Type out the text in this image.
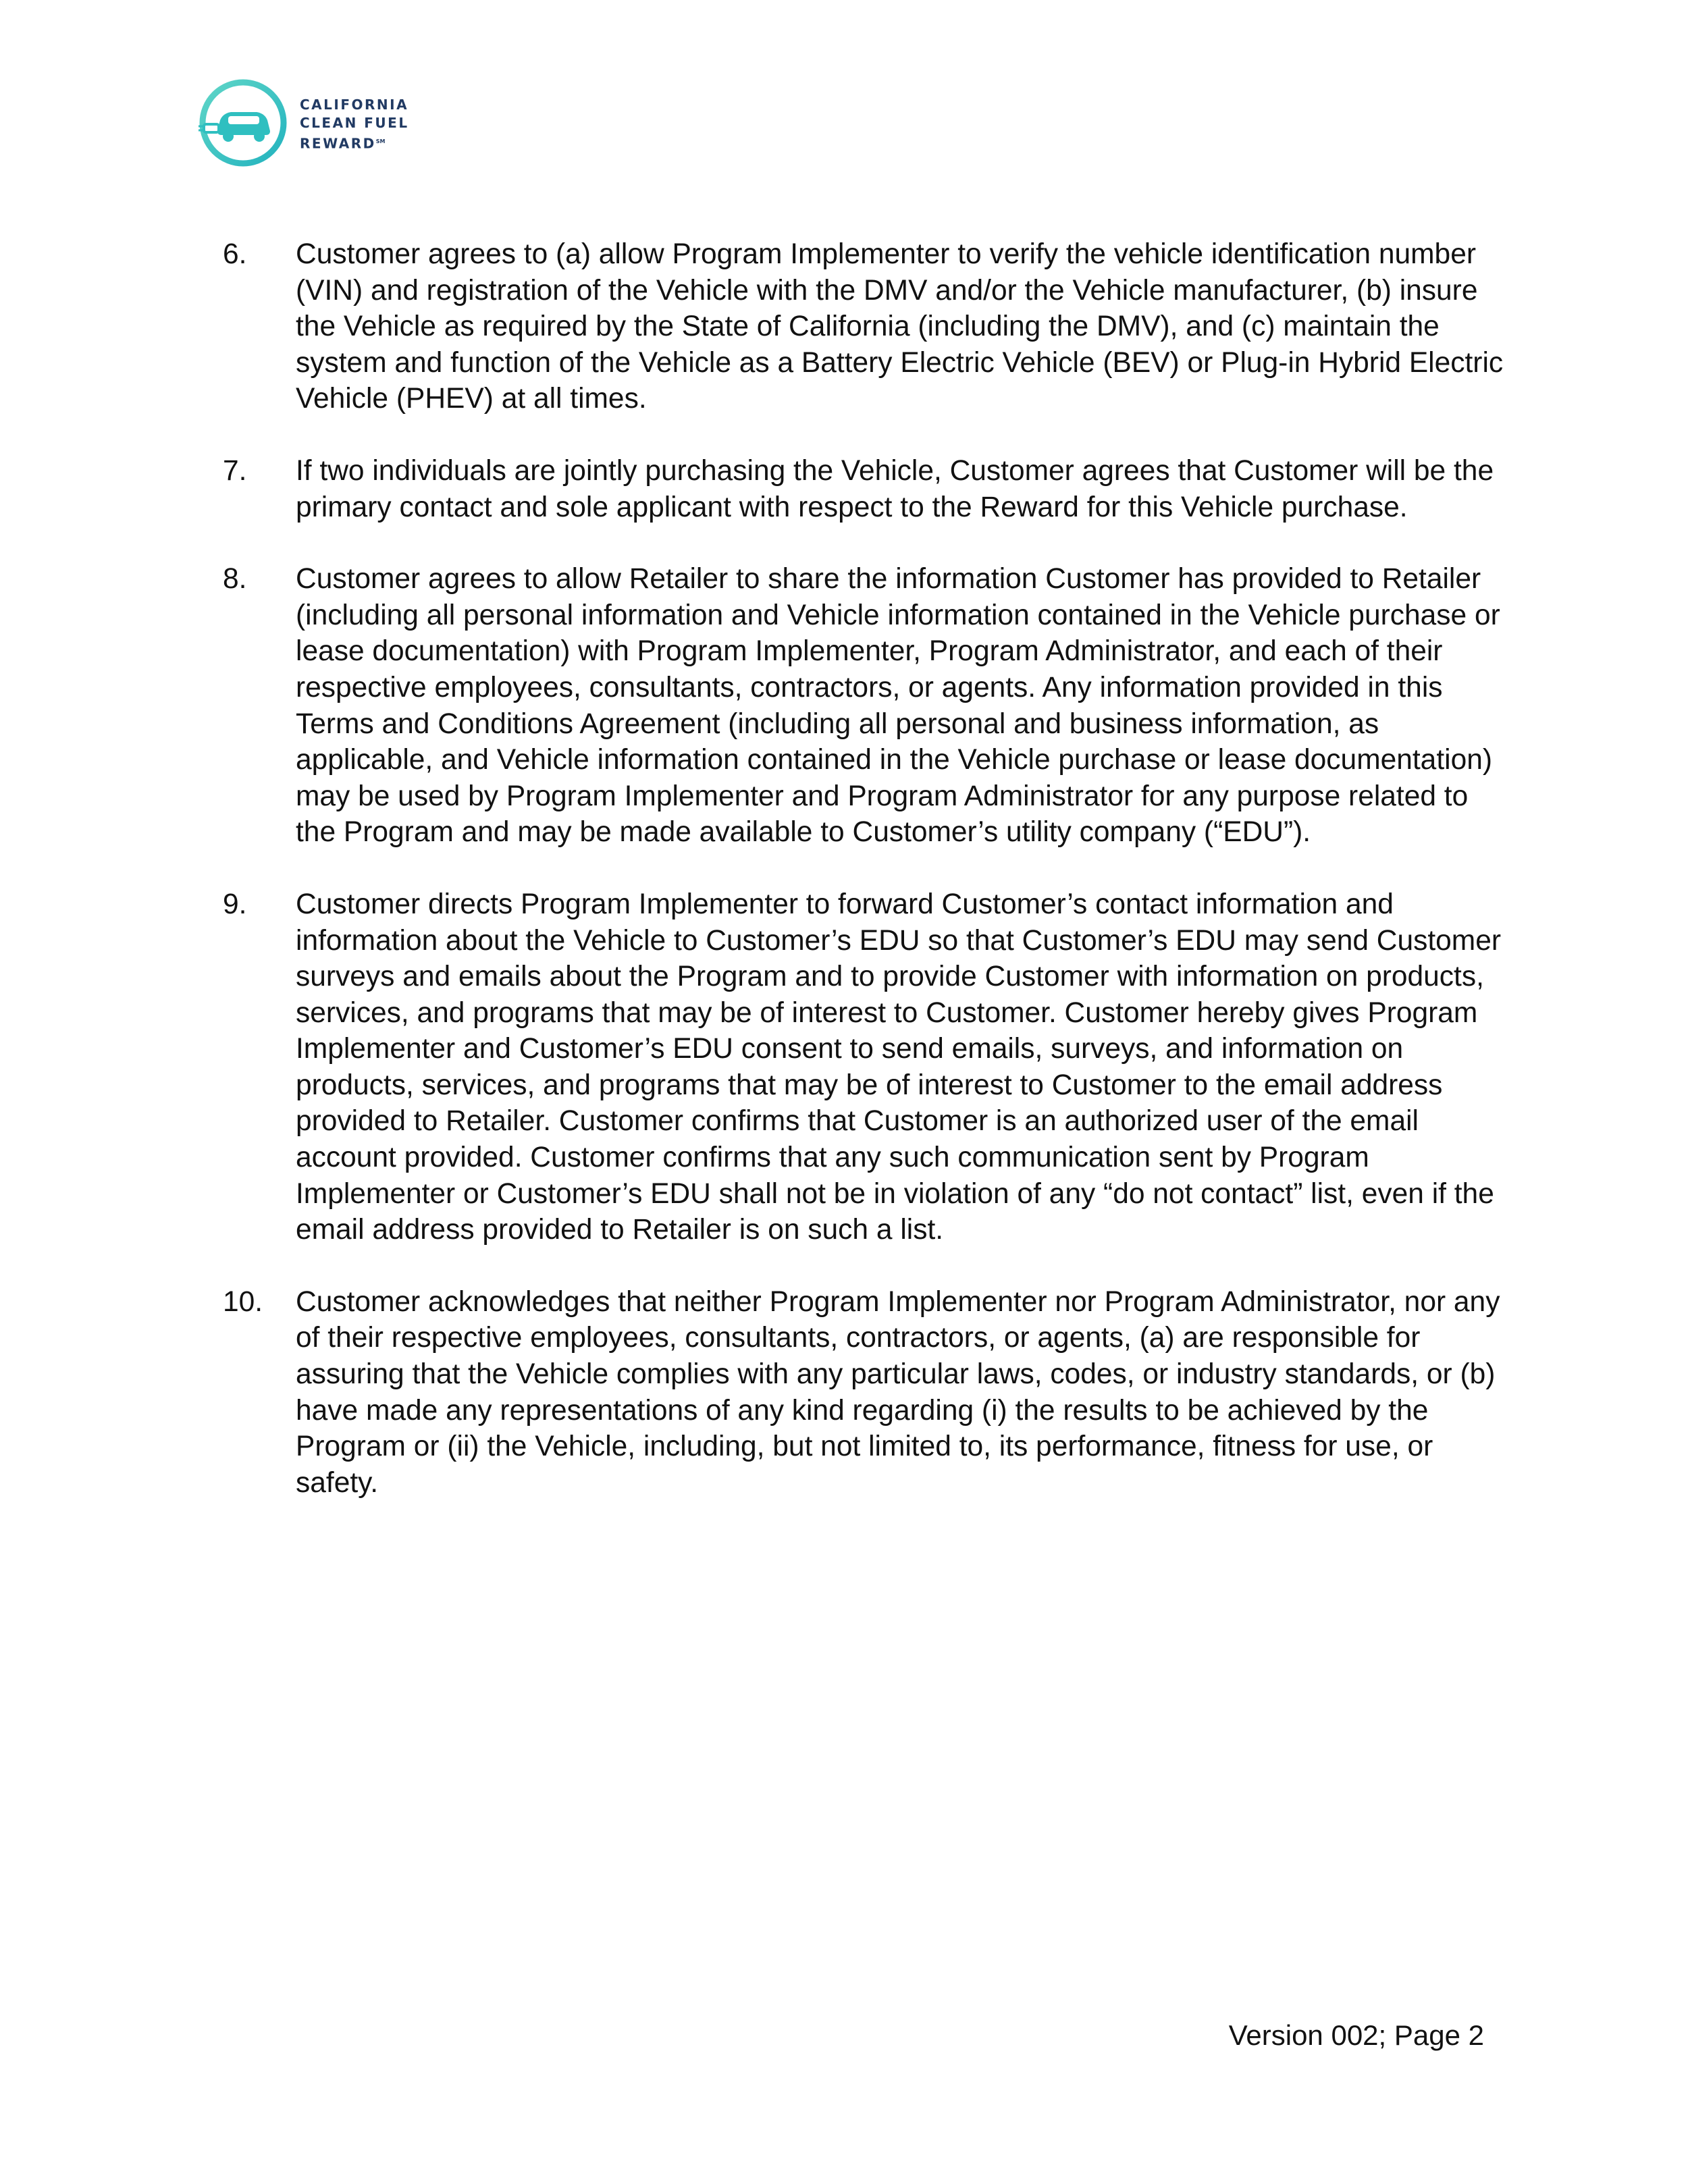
CALIFORNIA
CLEAN FUEL
REWARD℠
6. Customer agrees to (a) allow Program Implementer to verify the vehicle identification number (VIN) and registration of the Vehicle with the DMV and/or the Vehicle manufacturer, (b) insure the Vehicle as required by the State of California (including the DMV), and (c) maintain the system and function of the Vehicle as a Battery Electric Vehicle (BEV) or Plug-in Hybrid Electric Vehicle (PHEV) at all times.
7. If two individuals are jointly purchasing the Vehicle, Customer agrees that Customer will be the primary contact and sole applicant with respect to the Reward for this Vehicle purchase.
8. Customer agrees to allow Retailer to share the information Customer has provided to Retailer (including all personal information and Vehicle information contained in the Vehicle purchase or lease documentation) with Program Implementer, Program Administrator, and each of their respective employees, consultants, contractors, or agents. Any information provided in this Terms and Conditions Agreement (including all personal and business information, as applicable, and Vehicle information contained in the Vehicle purchase or lease documentation) may be used by Program Implementer and Program Administrator for any purpose related to the Program and may be made available to Customer’s utility company (“EDU”).
9. Customer directs Program Implementer to forward Customer’s contact information and information about the Vehicle to Customer’s EDU so that Customer’s EDU may send Customer surveys and emails about the Program and to provide Customer with information on products, services, and programs that may be of interest to Customer. Customer hereby gives Program Implementer and Customer’s EDU consent to send emails, surveys, and information on products, services, and programs that may be of interest to Customer to the email address provided to Retailer. Customer confirms that Customer is an authorized user of the email account provided. Customer confirms that any such communication sent by Program Implementer or Customer’s EDU shall not be in violation of any “do not contact” list, even if the email address provided to Retailer is on such a list.
10. Customer acknowledges that neither Program Implementer nor Program Administrator, nor any of their respective employees, consultants, contractors, or agents, (a) are responsible for assuring that the Vehicle complies with any particular laws, codes, or industry standards, or (b) have made any representations of any kind regarding (i) the results to be achieved by the Program or (ii) the Vehicle, including, but not limited to, its performance, fitness for use, or safety.
Version 002; Page 2
